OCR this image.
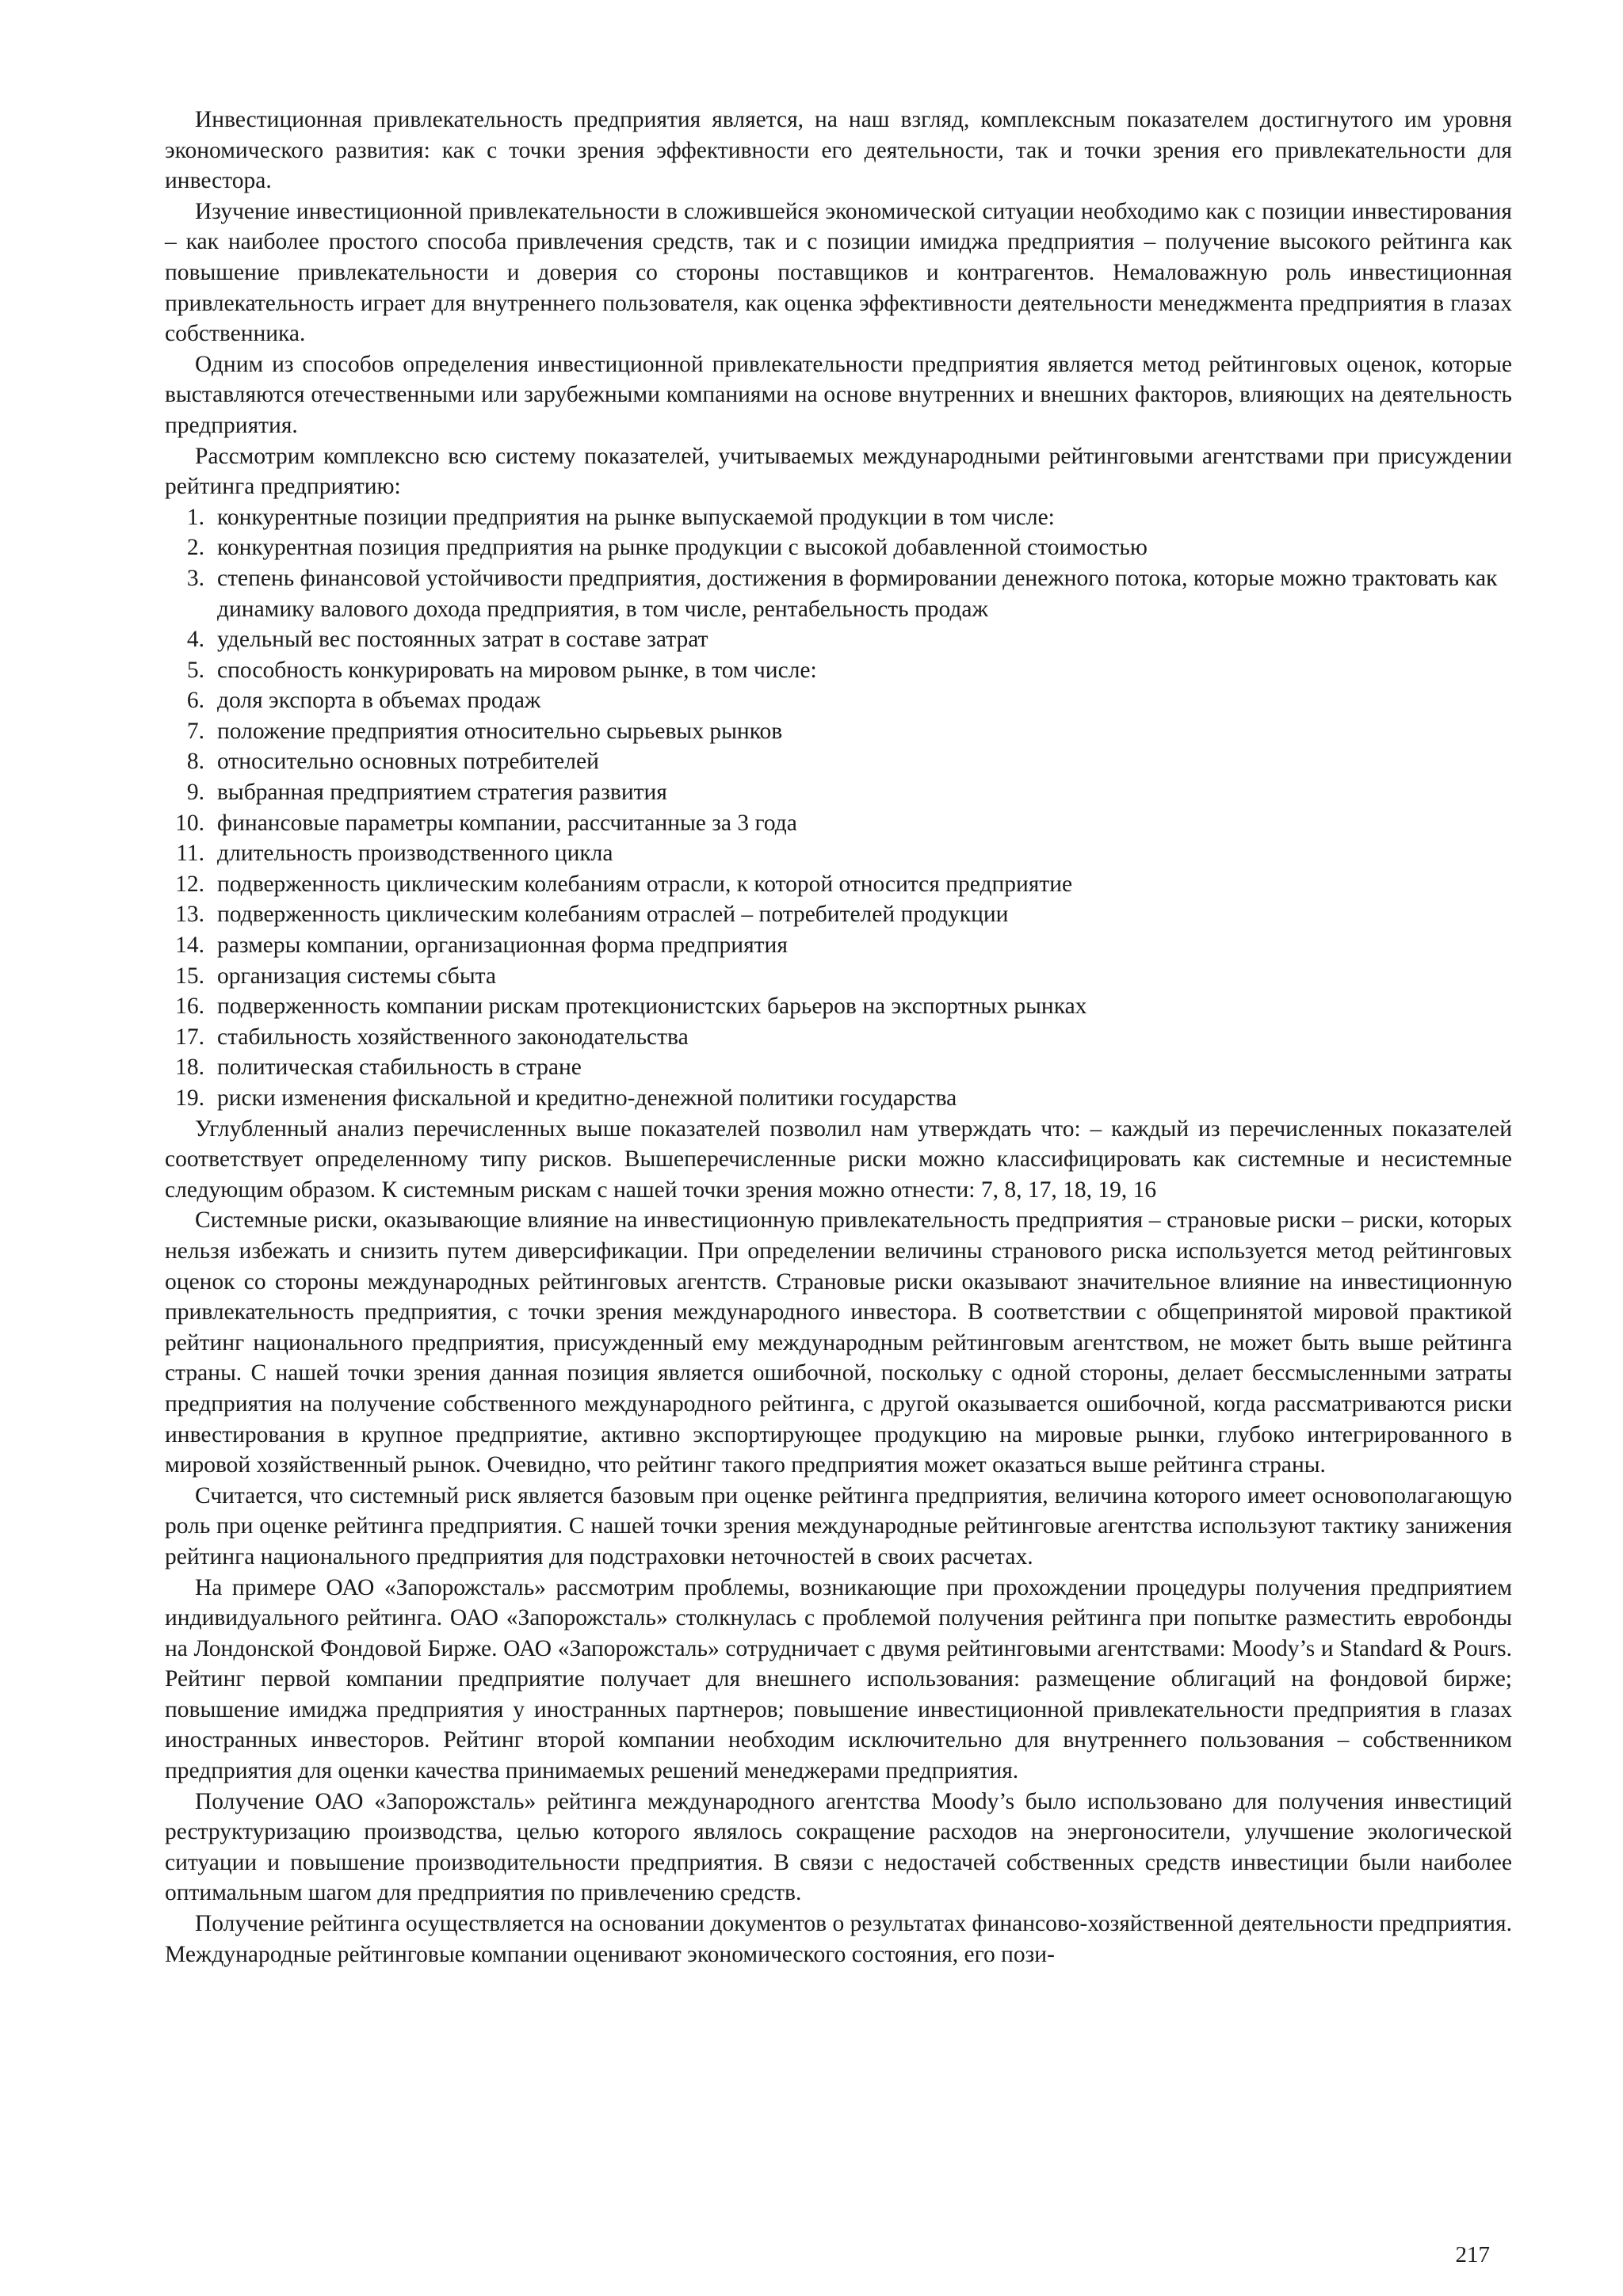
Инвестиционная привлекательность предприятия является, на наш взгляд, комплексным показателем достигнутого им уровня экономического развития: как с точки зрения эффективности его деятельности, так и точки зрения его привлекательности для инвестора.

Изучение инвестиционной привлекательности в сложившейся экономической ситуации необходимо как с позиции инвестирования – как наиболее простого способа привлечения средств, так и с позиции имиджа предприятия – получение высокого рейтинга как повышение привлекательности и доверия со стороны поставщиков и контрагентов. Немаловажную роль инвестиционная привлекательность играет для внутреннего пользователя, как оценка эффективности деятельности менеджмента предприятия в глазах собственника.

Одним из способов определения инвестиционной привлекательности предприятия является метод рейтинговых оценок, которые выставляются отечественными или зарубежными компаниями на основе внутренних и внешних факторов, влияющих на деятельность предприятия.

Рассмотрим комплексно всю систему показателей, учитываемых международными рейтинговыми агентствами при присуждении рейтинга предприятию:

1 . конкурентные позиции предприятия на рынке выпускаемой продукции в том числе:
2 . конкурентная позиция предприятия на рынке продукции с высокой добавленной стоимостью
3 . степень финансовой устойчивости предприятия, достижения в формировании денежного потока, которые можно трактовать как динамику валового дохода предприятия, в том числе, рентабельность продаж
4 . удельный вес постоянных затрат в составе затрат
5 . способность конкурировать на мировом рынке, в том числе:
6 . доля экспорта в объемах продаж
7 . положение предприятия относительно сырьевых рынков
8 . относительно основных потребителей
9 . выбранная предприятием стратегия развития
10 . финансовые параметры компании, рассчитанные за 3 года
11 . длительность производственного цикла
12 . подверженность циклическим колебаниям отрасли, к которой относится предприятие
13 . подверженность циклическим колебаниям отраслей – потребителей продукции
14 . размеры компании, организационная форма предприятия
15 . организация системы сбыта
16 . подверженность компании рискам протекционистских барьеров на экспортных рынках
17 . стабильность хозяйственного законодательства
18 . политическая стабильность в стране
19 . риски изменения фискальной и кредитно-денежной политики государства

Углубленный анализ перечисленных выше показателей позволил нам утверждать что: – каждый из перечисленных показателей соответствует определенному типу рисков. Вышеперечисленные риски можно классифицировать как системные и несистемные следующим образом. К системным рискам с нашей точки зрения можно отнести: 7, 8, 17, 18, 19, 16

Системные риски, оказывающие влияние на инвестиционную привлекательность предприятия – страновые риски – риски, которых нельзя избежать и снизить путем диверсификации. При определении величины странового риска используется метод рейтинговых оценок со стороны международных рейтинговых агентств. Страновые риски оказывают значительное влияние на инвестиционную привлекательность предприятия, с точки зрения международного инвестора. В соответствии с общепринятой мировой практикой рейтинг национального предприятия, присужденный ему международным рейтинговым агентством, не может быть выше рейтинга страны. С нашей точки зрения данная позиция является ошибочной, поскольку с одной стороны, делает бессмысленными затраты предприятия на получение собственного международного рейтинга, с другой оказывается ошибочной, когда рассматриваются риски инвестирования в крупное предприятие, активно экспортирующее продукцию на мировые рынки, глубоко интегрированного в мировой хозяйственный рынок. Очевидно, что рейтинг такого предприятия может оказаться выше рейтинга страны.

Считается, что системный риск является базовым при оценке рейтинга предприятия, величина которого имеет основополагающую роль при оценке рейтинга предприятия. С нашей точки зрения международные рейтинговые агентства используют тактику занижения рейтинга национального предприятия для подстраховки неточностей в своих расчетах.

На примере ОАО «Запорожсталь» рассмотрим проблемы, возникающие при прохождении процедуры получения предприятием индивидуального рейтинга. ОАО «Запорожсталь» столкнулась с проблемой получения рейтинга при попытке разместить евробонды на Лондонской Фондовой Бирже. ОАО «Запорожсталь» сотрудничает с двумя рейтинговыми агентствами: Moody’s и Standard & Pours. Рейтинг первой компании предприятие получает для внешнего использования: размещение облигаций на фондовой бирже; повышение имиджа предприятия у иностранных партнеров; повышение инвестиционной привлекательности предприятия в глазах иностранных инвесторов. Рейтинг второй компании необходим исключительно для внутреннего пользования – собственником предприятия для оценки качества принимаемых решений менеджерами предприятия.

Получение ОАО «Запорожсталь» рейтинга международного агентства Moody’s было использовано для получения инвестиций реструктуризацию производства, целью которого являлось сокращение расходов на энергоносители, улучшение экологической ситуации и повышение производительности предприятия. В связи с недостачей собственных средств инвестиции были наиболее оптимальным шагом для предприятия по привлечению средств.

Получение рейтинга осуществляется на основании документов о результатах финансово-хозяйственной деятельности предприятия. Международные рейтинговые компании оценивают экономического состояния, его пози-

217
